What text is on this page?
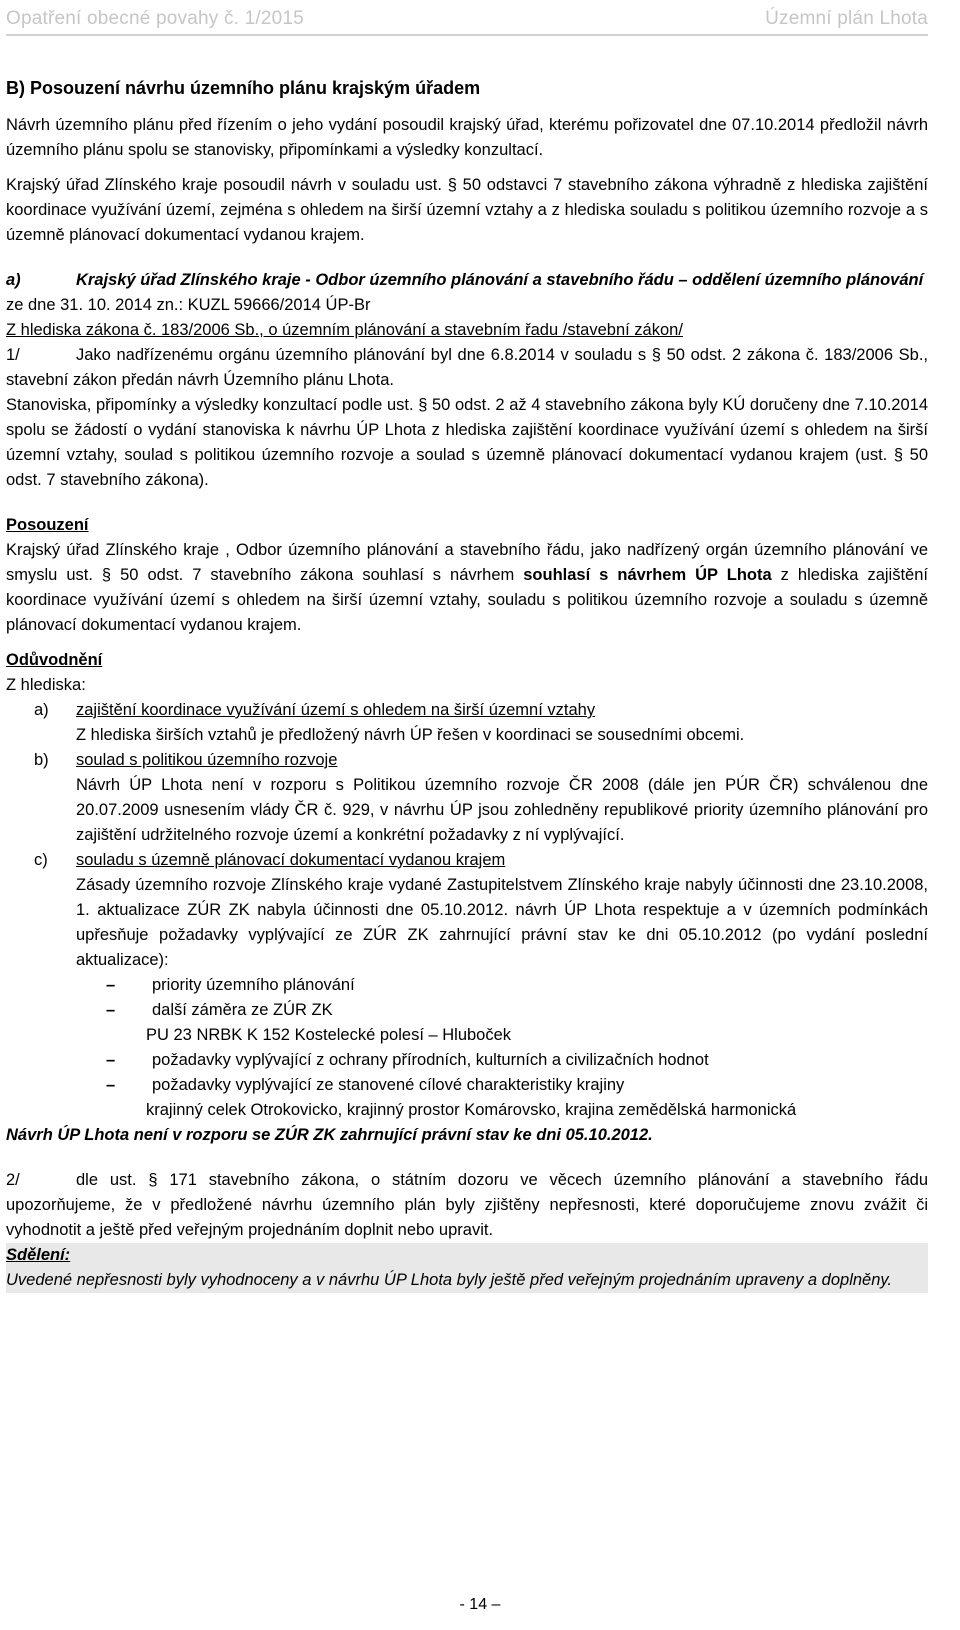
Opatření obecné povahy č. 1/2015	Územní plán Lhota

B) Posouzení návrhu územního plánu krajským úřadem

Návrh územního plánu před řízením o jeho vydání posoudil krajský úřad, kterému pořizovatel dne 07.10.2014 předložil návrh územního plánu spolu se stanovisky, připomínkami a výsledky konzultací.

Krajský úřad Zlínského kraje posoudil návrh v souladu ust. § 50 odstavci 7 stavebního zákona výhradně z hlediska zajištění koordinace využívání území, zejména s ohledem na širší územní vztahy a z hlediska souladu s politikou územního rozvoje a s územně plánovací dokumentací vydanou krajem.

a)	Krajský úřad Zlínského kraje - Odbor územního plánování a stavebního řádu – oddělení územního plánování

ze dne 31. 10. 2014 zn.: KUZL 59666/2014 ÚP-Br

Z hlediska zákona č. 183/2006 Sb., o územním plánování a stavebním řadu /stavební zákon/

1/	Jako nadřízenému orgánu územního plánování byl dne 6.8.2014 v souladu s § 50 odst. 2 zákona č. 183/2006 Sb., stavební zákon předán návrh Územního plánu Lhota.

Stanoviska, připomínky a výsledky konzultací podle ust. § 50 odst. 2 až 4 stavebního zákona byly KÚ doručeny dne 7.10.2014 spolu se žádostí o vydání stanoviska k návrhu ÚP Lhota z hlediska zajištění koordinace využívání území s ohledem na širší územní vztahy, soulad s politikou územního rozvoje a soulad s územně plánovací dokumentací vydanou krajem (ust. § 50 odst. 7 stavebního zákona).

Posouzení

Krajský úřad Zlínského kraje , Odbor územního plánování a stavebního řádu, jako nadřízený orgán územního plánování ve smyslu ust. § 50 odst. 7 stavebního zákona souhlasí s návrhem souhlasí s návrhem ÚP Lhota z hlediska zajištění koordinace využívání území s ohledem na širší územní vztahy, souladu s politikou územního rozvoje a souladu s územně plánovací dokumentací vydanou krajem.

Odůvodnění

Z hlediska:

a)	zajištění koordinace využívání území s ohledem na širší územní vztahy

Z hlediska širších vztahů je předložený návrh ÚP řešen v koordinaci se sousedními obcemi.

b)	soulad s politikou územního rozvoje

Návrh ÚP Lhota není v rozporu s Politikou územního rozvoje ČR 2008 (dále jen PÚR ČR) schválenou dne 20.07.2009 usnesením vlády ČR č. 929, v návrhu ÚP jsou zohledněny republikové priority územního plánování pro zajištění udržitelného rozvoje území a konkrétní požadavky z ní vyplývající.

c)	souladu s územně plánovací dokumentací vydanou krajem

Zásady územního rozvoje Zlínského kraje vydané Zastupitelstvem Zlínského kraje nabyly účinnosti dne 23.10.2008, 1. aktualizace ZÚR ZK nabyla účinnosti dne 05.10.2012. návrh ÚP Lhota respektuje a v územních podmínkách upřesňuje požadavky vyplývající ze ZÚR ZK zahrnující právní stav ke dni 05.10.2012 (po vydání poslední aktualizace):

–	priority územního plánování
–	další záměra ze ZÚR ZK

PU 23 NRBK K 152 Kostelecké polesí – Hluboček

–	požadavky vyplývající z ochrany přírodních, kulturních a civilizačních hodnot
–	požadavky vyplývající ze stanovené cílové charakteristiky krajiny

krajinný celek Otrokovicko, krajinný prostor Komárovsko, krajina zemědělská harmonická

Návrh ÚP Lhota není v rozporu se ZÚR ZK zahrnující právní stav ke dni 05.10.2012.

2/	dle ust. § 171 stavebního zákona, o státním dozoru ve věcech územního plánování a stavebního řádu upozorňujeme, že v předložené návrhu územního plán byly zjištěny nepřesnosti, které doporučujeme znovu zvážit či vyhodnotit a ještě před veřejným projednáním doplnit nebo upravit.

Sdělení:

Uvedené nepřesnosti byly vyhodnoceny a v návrhu ÚP Lhota byly ještě před veřejným projednáním upraveny a doplněny.

- 14 –
